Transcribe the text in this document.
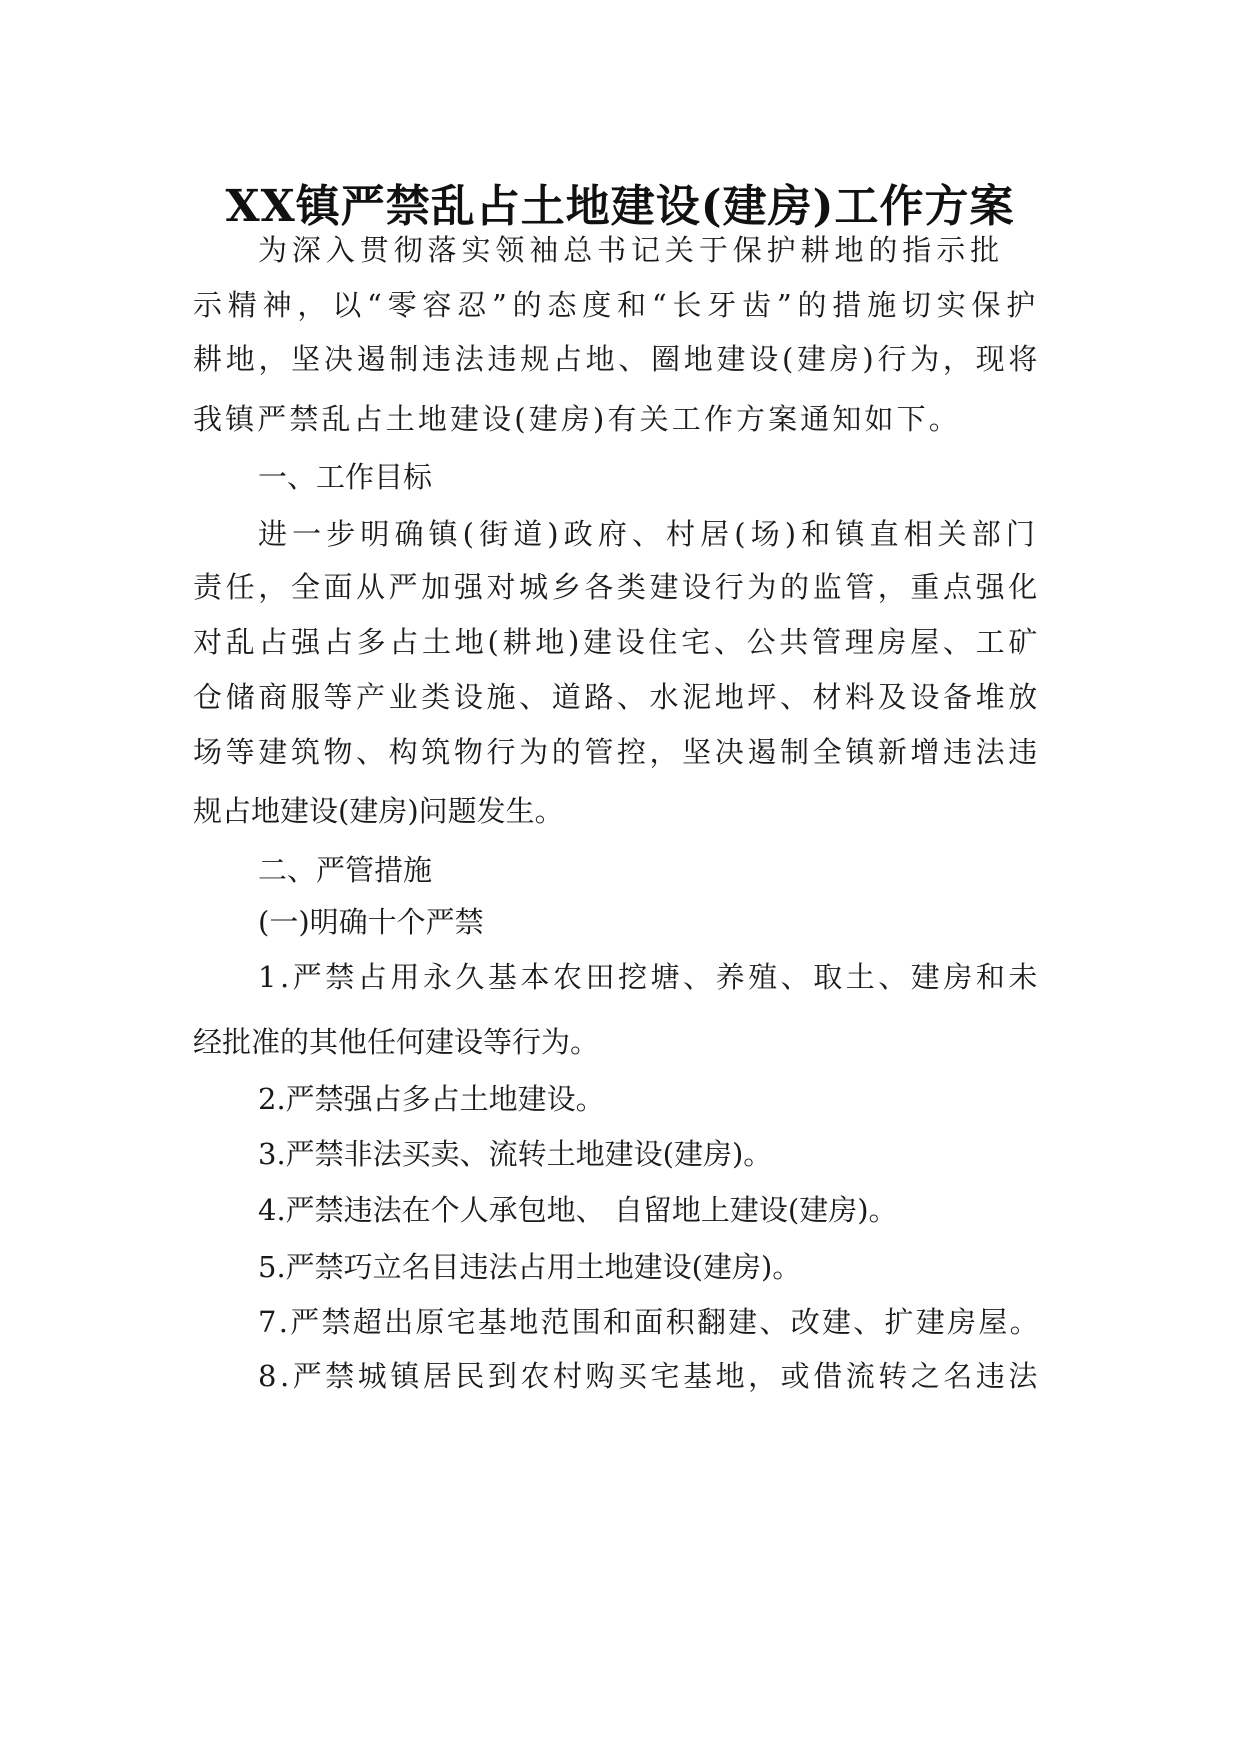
XX镇严禁乱占土地建设(建房)工作方案
为深入贯彻落实领袖总书记关于保护耕地的指示批
示精神，以“零容忍”的态度和“长牙齿”的措施切实保护
耕地，坚决遏制违法违规占地、圈地建设(建房)行为，现将
我镇严禁乱占土地建设(建房)有关工作方案通知如下。
一、工作目标
进一步明确镇(街道)政府、村居(场)和镇直相关部门
责任，全面从严加强对城乡各类建设行为的监管，重点强化
对乱占强占多占土地(耕地)建设住宅、公共管理房屋、工矿
仓储商服等产业类设施、道路、水泥地坪、材料及设备堆放
场等建筑物、构筑物行为的管控，坚决遏制全镇新增违法违
规占地建设(建房)问题发生。
二、严管措施
(一)明确十个严禁
1.严禁占用永久基本农田挖塘、养殖、取土、建房和未
经批准的其他任何建设等行为。
2.严禁强占多占土地建设。
3.严禁非法买卖、流转土地建设(建房)。
4.严禁违法在个人承包地、 自留地上建设(建房)。
5.严禁巧立名目违法占用土地建设(建房)。
7.严禁超出原宅基地范围和面积翻建、改建、扩建房屋。
8.严禁城镇居民到农村购买宅基地，或借流转之名违法
